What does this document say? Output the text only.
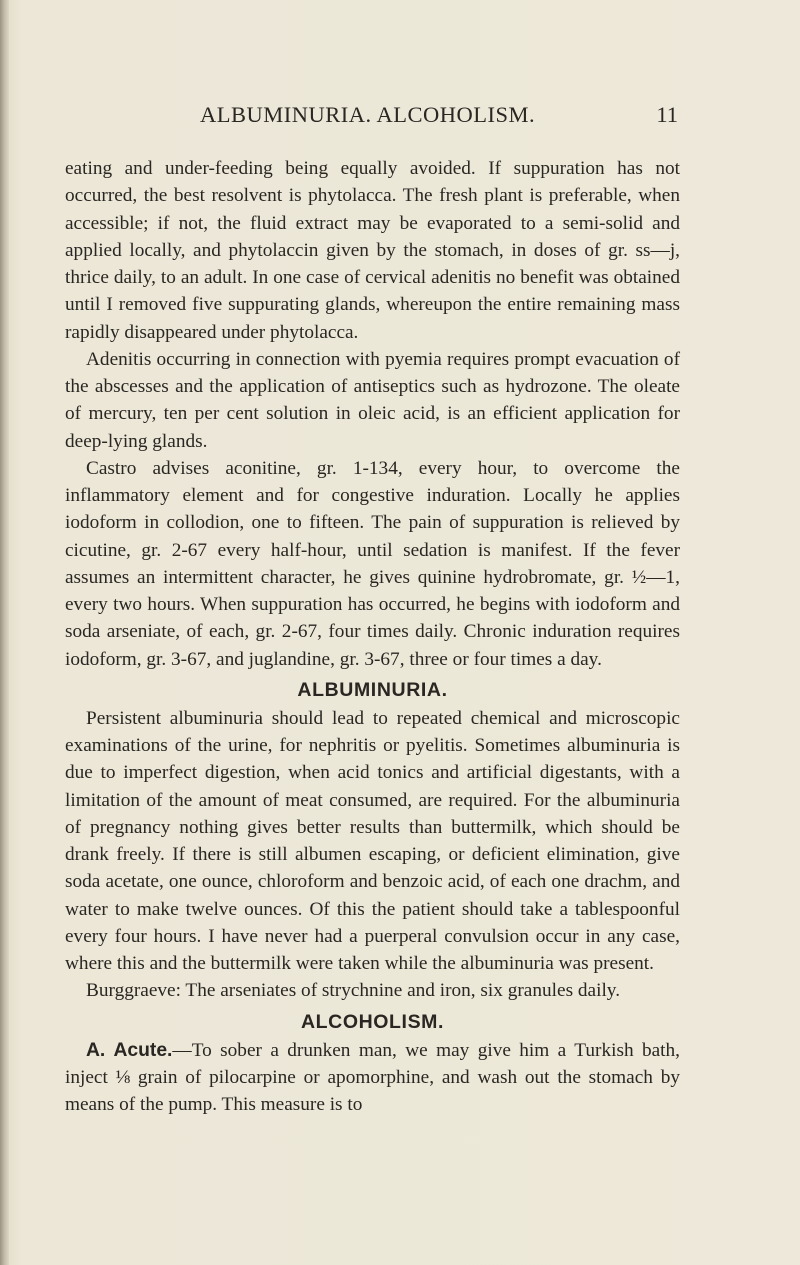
ALBUMINURIA. ALCOHOLISM.	11

eating and under-feeding being equally avoided. If suppuration has not occurred, the best resolvent is phytolacca. The fresh plant is preferable, when accessible; if not, the fluid extract may be evaporated to a semi-solid and applied locally, and phytolaccin given by the stomach, in doses of gr. ss—j, thrice daily, to an adult. In one case of cervical adenitis no benefit was obtained until I removed five suppurating glands, whereupon the entire remaining mass rapidly disappeared under phytolacca.

Adenitis occurring in connection with pyemia requires prompt evacuation of the abscesses and the application of antiseptics such as hydrozone. The oleate of mercury, ten per cent solution in oleic acid, is an efficient application for deep-lying glands.

Castro advises aconitine, gr. 1-134, every hour, to overcome the inflammatory element and for congestive induration. Locally he applies iodoform in collodion, one to fifteen. The pain of suppuration is relieved by cicutine, gr. 2-67 every half-hour, until sedation is manifest. If the fever assumes an intermittent character, he gives quinine hydrobromate, gr. ½—1, every two hours. When suppuration has occurred, he begins with iodoform and soda arseniate, of each, gr. 2-67, four times daily. Chronic induration requires iodoform, gr. 3-67, and juglandine, gr. 3-67, three or four times a day.

ALBUMINURIA.

Persistent albuminuria should lead to repeated chemical and microscopic examinations of the urine, for nephritis or pyelitis. Sometimes albuminuria is due to imperfect digestion, when acid tonics and artificial digestants, with a limitation of the amount of meat consumed, are required. For the albuminuria of pregnancy nothing gives better results than buttermilk, which should be drank freely. If there is still albumen escaping, or deficient elimination, give soda acetate, one ounce, chloroform and benzoic acid, of each one drachm, and water to make twelve ounces. Of this the patient should take a tablespoonful every four hours. I have never had a puerperal convulsion occur in any case, where this and the buttermilk were taken while the albuminuria was present.

Burggraeve: The arseniates of strychnine and iron, six granules daily.

ALCOHOLISM.

A. Acute.—To sober a drunken man, we may give him a Turkish bath, inject ⅛ grain of pilocarpine or apomorphine, and wash out the stomach by means of the pump. This measure is to
